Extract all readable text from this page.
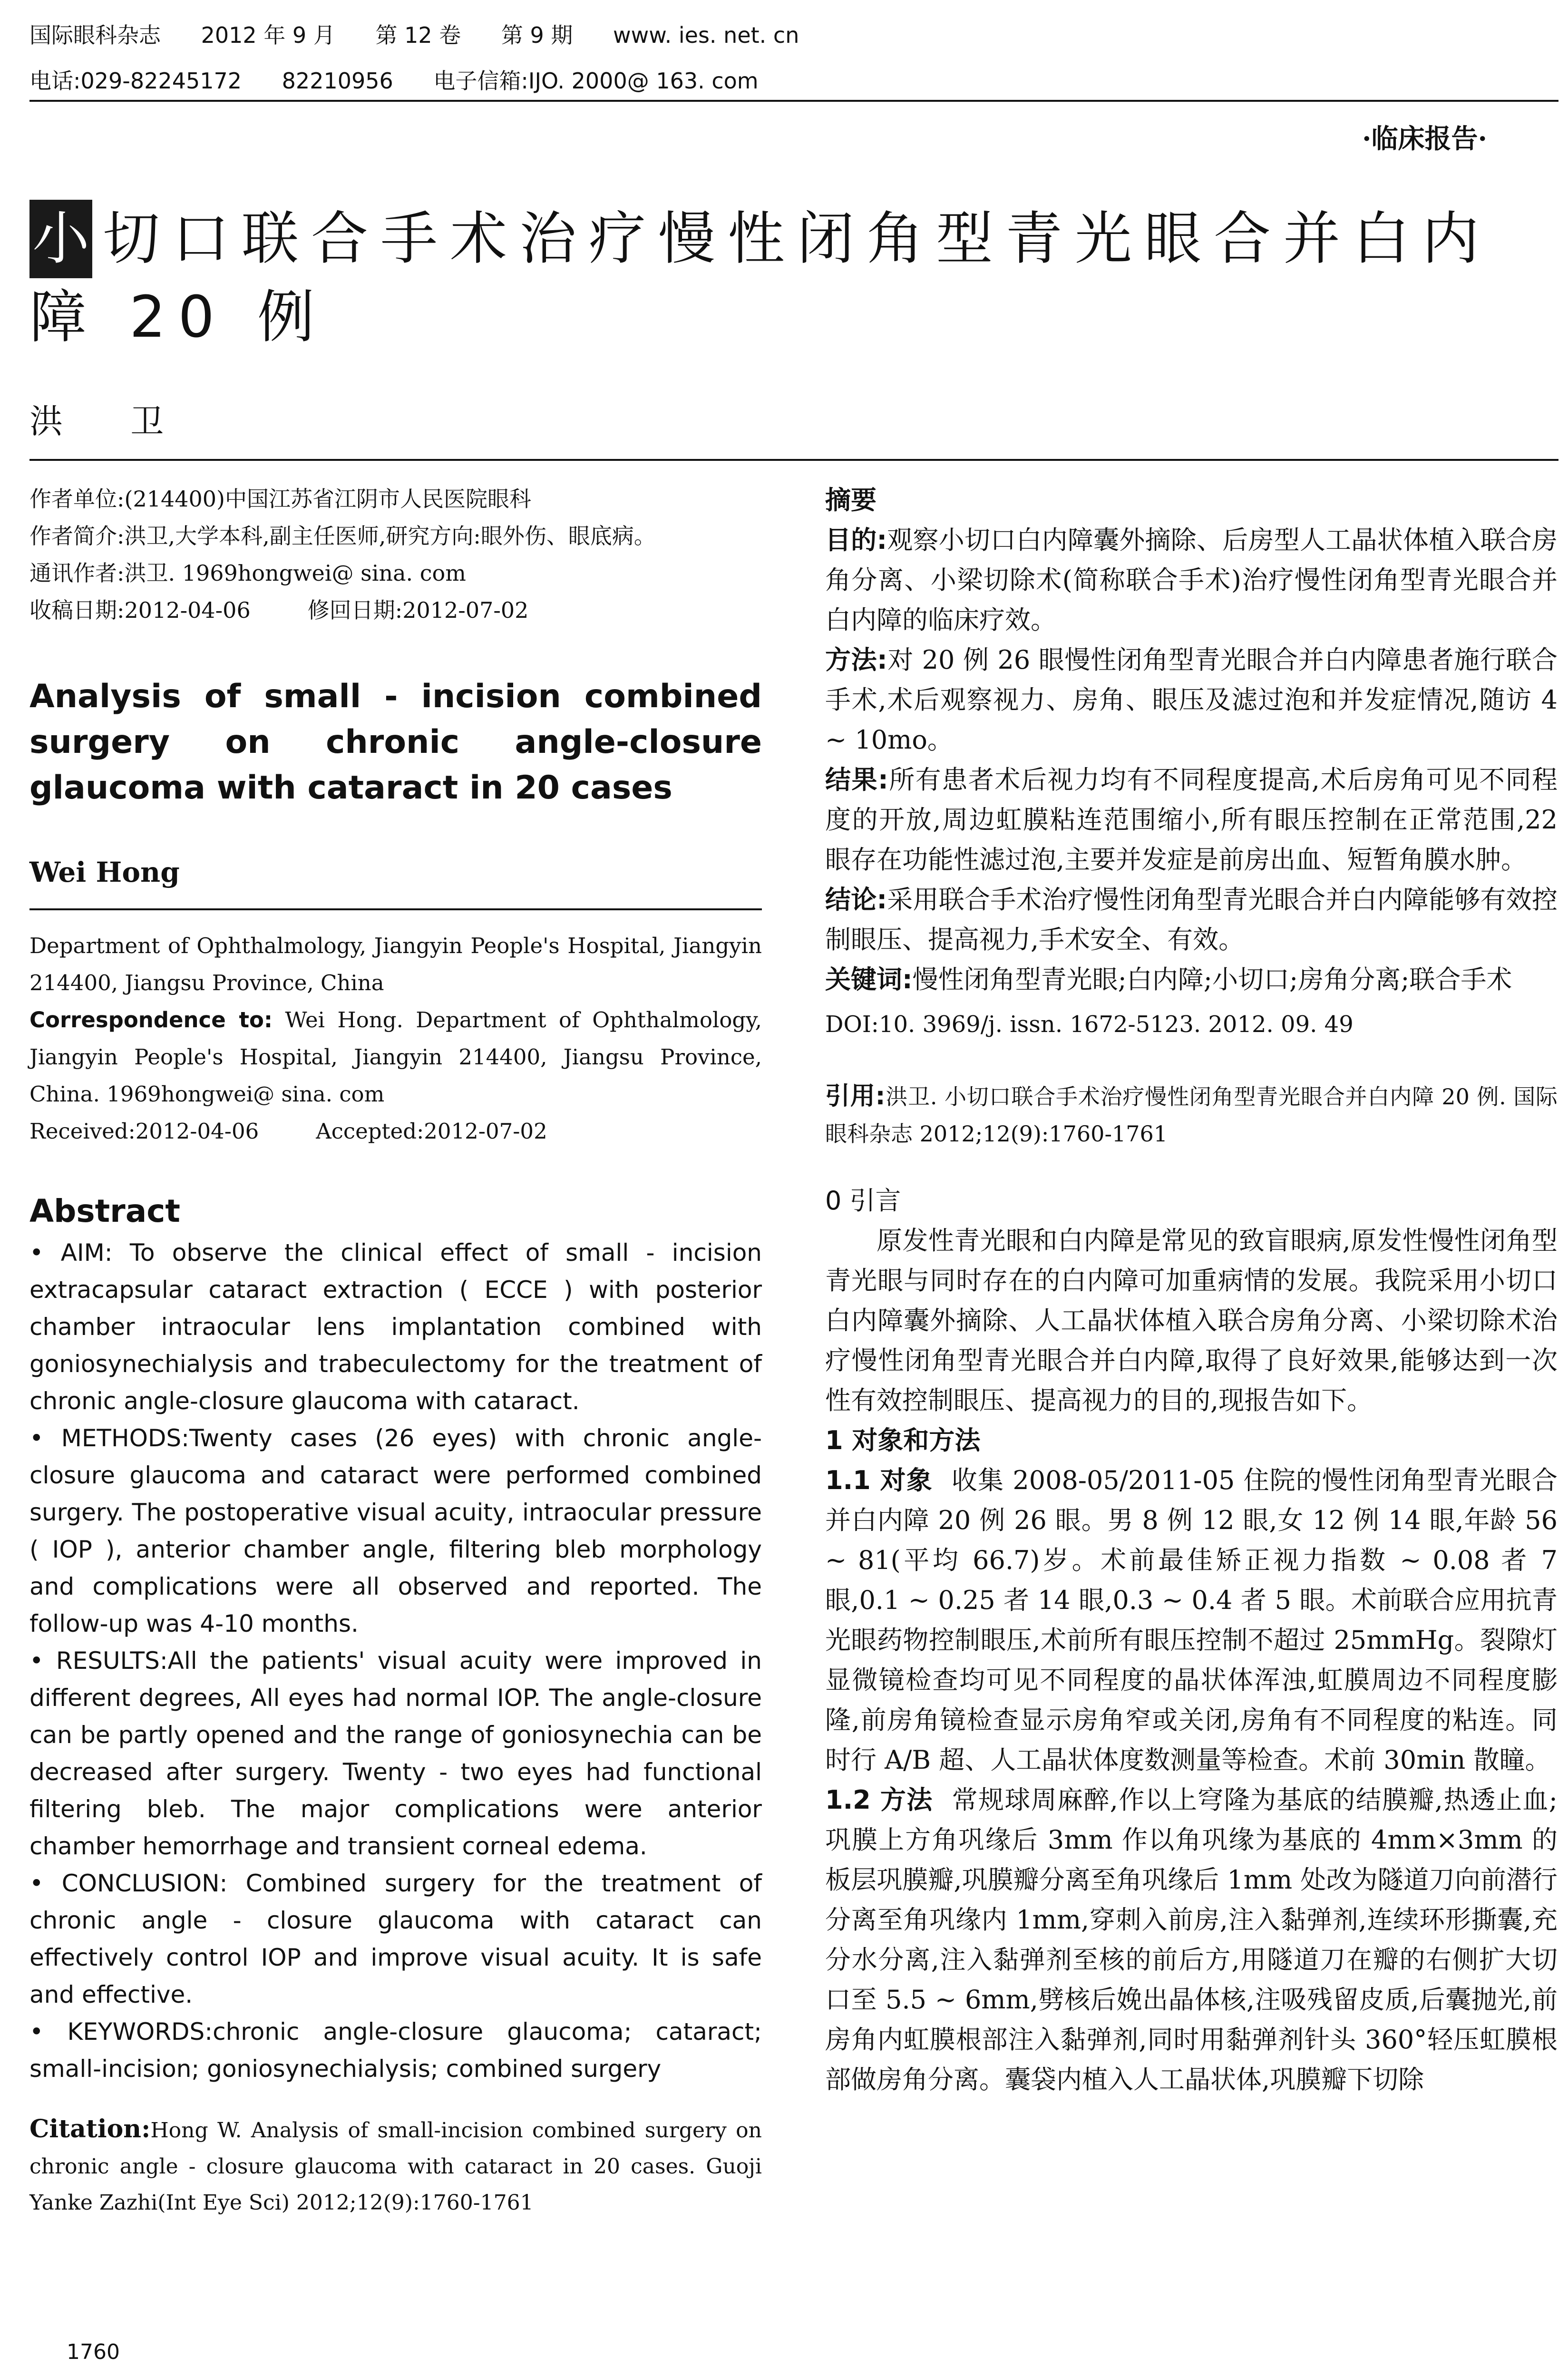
国际眼科杂志 2012 年 9 月 第 12 卷 第 9 期 www. ies. net. cn
电话:029-82245172 82210956 电子信箱:IJO. 2000@ 163. com
·临床报告·
小 切口联合手术治疗慢性闭角型青光眼合并白内障 20 例
洪 卫

作者单位:(214400)中国江苏省江阴市人民医院眼科

作者简介:洪卫,大学本科,副主任医师,研究方向:眼外伤、眼底病。

通讯作者:洪卫. 1969hongwei@ sina. com

收稿日期:2012-04-06	修回日期:2012-07-02

Analysis of small - incision combined surgery on chronic angle-closure glaucoma with cataract in 20 cases
Wei Hong

Department of Ophthalmology, Jiangyin People's Hospital, Jiangyin 214400, Jiangsu Province, China

Correspondence to: Wei Hong. Department of Ophthalmology, Jiangyin People's Hospital, Jiangyin 214400, Jiangsu Province, China. 1969hongwei@ sina. com

Received:2012-04-06	Accepted:2012-07-02

Abstract

• AIM: To observe the clinical effect of small - incision extracapsular cataract extraction ( ECCE ) with posterior chamber intraocular lens implantation combined with goniosynechialysis and trabeculectomy for the treatment of chronic angle-closure glaucoma with cataract.

• METHODS:Twenty cases (26 eyes) with chronic angle-closure glaucoma and cataract were performed combined surgery. The postoperative visual acuity, intraocular pressure ( IOP ), anterior chamber angle, filtering bleb morphology and complications were all observed and reported. The follow-up was 4-10 months.

• RESULTS:All the patients' visual acuity were improved in different degrees, All eyes had normal IOP. The angle-closure can be partly opened and the range of goniosynechia can be decreased after surgery. Twenty - two eyes had functional filtering bleb. The major complications were anterior chamber hemorrhage and transient corneal edema.

• CONCLUSION: Combined surgery for the treatment of chronic angle - closure glaucoma with cataract can effectively control IOP and improve visual acuity. It is safe and effective.

• KEYWORDS:chronic angle-closure glaucoma; cataract; small-incision; goniosynechialysis; combined surgery

Citation:Hong W. Analysis of small-incision combined surgery on chronic angle - closure glaucoma with cataract in 20 cases. Guoji Yanke Zazhi(Int Eye Sci) 2012;12(9):1760-1761
1760
摘要

目的:观察小切口白内障囊外摘除、后房型人工晶状体植入联合房角分离、小梁切除术(简称联合手术)治疗慢性闭角型青光眼合并白内障的临床疗效。

方法:对 20 例 26 眼慢性闭角型青光眼合并白内障患者施行联合手术,术后观察视力、房角、眼压及滤过泡和并发症情况,随访 4 ~ 10mo。

结果:所有患者术后视力均有不同程度提高,术后房角可见不同程度的开放,周边虹膜粘连范围缩小,所有眼压控制在正常范围,22 眼存在功能性滤过泡,主要并发症是前房出血、短暂角膜水肿。

结论:采用联合手术治疗慢性闭角型青光眼合并白内障能够有效控制眼压、提高视力,手术安全、有效。

关键词:慢性闭角型青光眼;白内障;小切口;房角分离;联合手术

DOI:10. 3969/j. issn. 1672-5123. 2012. 09. 49
引用:洪卫. 小切口联合手术治疗慢性闭角型青光眼合并白内障 20 例. 国际眼科杂志 2012;12(9):1760-1761
0 引言

原发性青光眼和白内障是常见的致盲眼病,原发性慢性闭角型青光眼与同时存在的白内障可加重病情的发展。我院采用小切口白内障囊外摘除、人工晶状体植入联合房角分离、小梁切除术治疗慢性闭角型青光眼合并白内障,取得了良好效果,能够达到一次性有效控制眼压、提高视力的目的,现报告如下。

1 对象和方法

1.1 对象 收集 2008-05/2011-05 住院的慢性闭角型青光眼合并白内障 20 例 26 眼。男 8 例 12 眼,女 12 例 14 眼,年龄 56 ~ 81(平均 66.7)岁。术前最佳矫正视力指数 ~ 0.08 者 7 眼,0.1 ~ 0.25 者 14 眼,0.3 ~ 0.4 者 5 眼。术前联合应用抗青光眼药物控制眼压,术前所有眼压控制不超过 25mmHg。裂隙灯显微镜检查均可见不同程度的晶状体浑浊,虹膜周边不同程度膨隆,前房角镜检查显示房角窄或关闭,房角有不同程度的粘连。同时行 A/B 超、人工晶状体度数测量等检查。术前 30min 散瞳。

1.2 方法 常规球周麻醉,作以上穹隆为基底的结膜瓣,热透止血;巩膜上方角巩缘后 3mm 作以角巩缘为基底的 4mm×3mm 的板层巩膜瓣,巩膜瓣分离至角巩缘后 1mm 处改为隧道刀向前潜行分离至角巩缘内 1mm,穿刺入前房,注入黏弹剂,连续环形撕囊,充分水分离,注入黏弹剂至核的前后方,用隧道刀在瓣的右侧扩大切口至 5.5 ~ 6mm,劈核后娩出晶体核,注吸残留皮质,后囊抛光,前房角内虹膜根部注入黏弹剂,同时用黏弹剂针头 360°轻压虹膜根部做房角分离。囊袋内植入人工晶状体,巩膜瓣下切除
